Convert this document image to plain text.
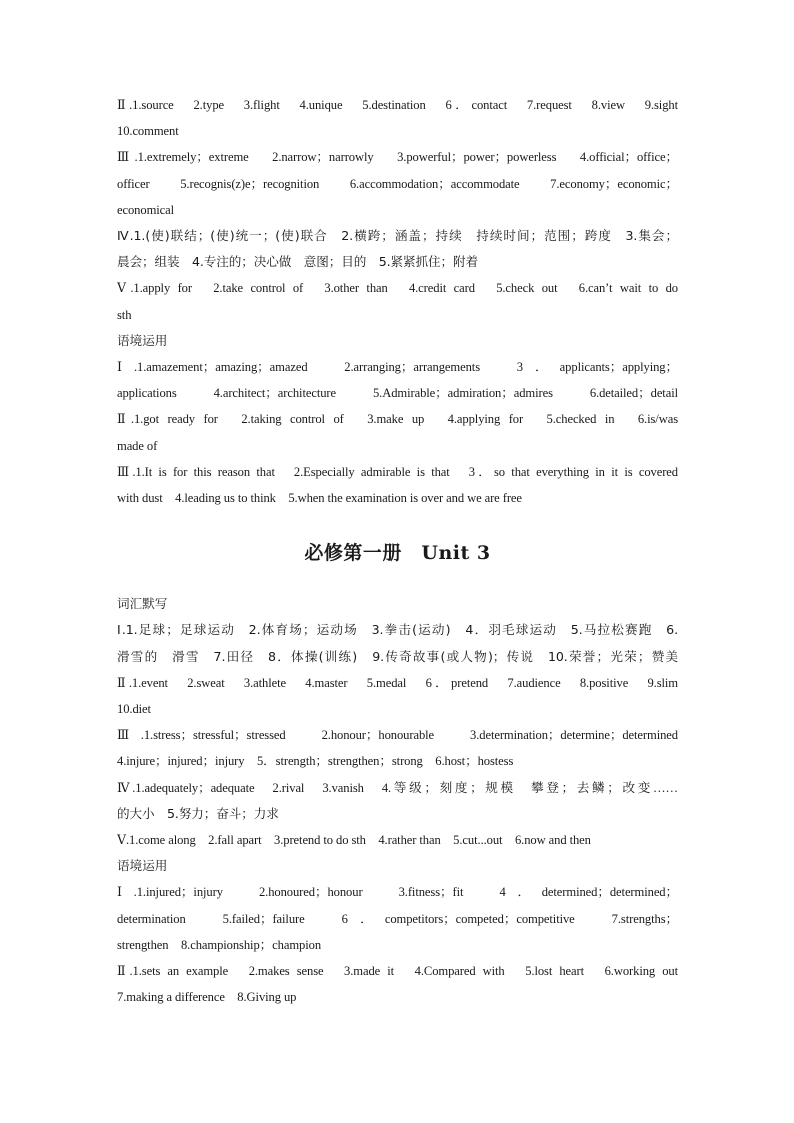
Ⅱ.1.source　2.type　3.flight　4.unique　5.destination　6．contact　7.request　8.view　9.sight
10.comment
Ⅲ.1.extremely；extreme　2.narrow；narrowly　3.powerful；power；powerless　4.official；office；
officer　5.recognis(z)e；recognition　6.accommodation；accommodate　7.economy；economic；
economical
Ⅳ.1.(使)联结；(使)统一；(使)联合　2.横跨；涵盖；持续　持续时间；范围；跨度　3.集会；
晨会；组装　4.专注的；决心做　意图；目的　5.紧紧抓住；附着
Ⅴ.1.apply for　2.take control of　3.other than　4.credit card　5.check out　6.can’t wait to do
sth
语境运用
Ⅰ.1.amazement；amazing；amazed　2.arranging；arrangements　3．applicants；applying；
applications　4.architect；architecture　5.Admirable；admiration；admires　6.detailed；detail
Ⅱ.1.got ready for　2.taking control of　3.make up　4.applying for　5.checked in　6.is/was
made of
Ⅲ.1.It is for this reason that　2.Especially admirable is that　3．so that everything in it is covered
with dust　4.leading us to think　5.when the examination is over and we are free
必修第一册　Unit 3
词汇默写
Ⅰ.1.足球；足球运动　2.体育场；运动场　3.拳击(运动)　4．羽毛球运动　5.马拉松赛跑　6.
滑雪的　滑雪　7.田径　8．体操(训练)　9.传奇故事(或人物)；传说　10.荣誉；光荣；赞美
Ⅱ.1.event　2.sweat　3.athlete　4.master　5.medal　6．pretend　7.audience　8.positive　9.slim
10.diet
Ⅲ.1.stress；stressful；stressed　2.honour；honourable　3.determination；determine；determined
4.injure；injured；injury　5．strength；strengthen；strong　6.host；hostess
Ⅳ.1.adequately；adequate　2.rival　3.vanish　4.等级；刻度；规模　攀登；去鳞；改变……
的大小　5.努力；奋斗；力求
Ⅴ.1.come along　2.fall apart　3.pretend to do sth　4.rather than　5.cut...out　6.now and then
语境运用
Ⅰ.1.injured；injury　2.honoured；honour　3.fitness；fit　4．determined；determined；
determination　5.failed；failure　6．competitors；competed；competitive　7.strengths；
strengthen　8.championship；champion
Ⅱ.1.sets an example　2.makes sense　3.made it　4.Compared with　5.lost heart　6.working out
7.making a difference　8.Giving up
